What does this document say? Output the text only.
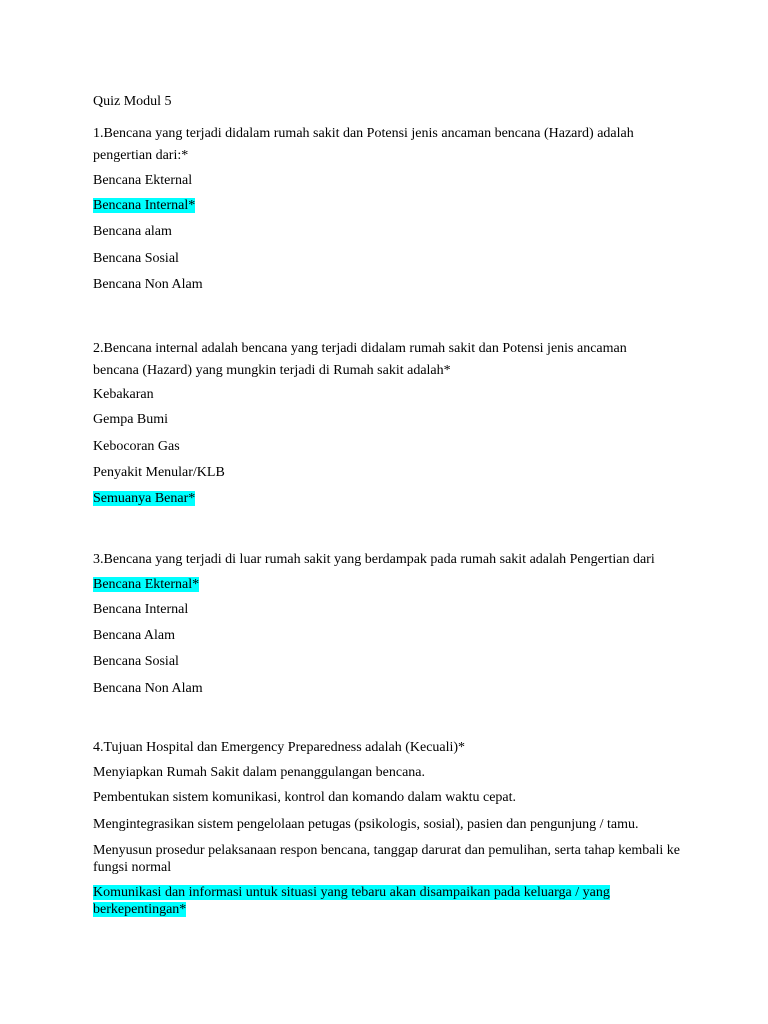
Quiz Modul 5

1.Bencana yang terjadi didalam rumah sakit dan Potensi jenis ancaman bencana (Hazard) adalah

pengertian dari:*

Bencana Ekternal

Bencana Internal*

Bencana alam

Bencana Sosial

Bencana Non Alam

2.Bencana internal adalah bencana yang terjadi didalam rumah sakit dan Potensi jenis ancaman

bencana (Hazard) yang mungkin terjadi di Rumah sakit adalah*

Kebakaran

Gempa Bumi

Kebocoran Gas

Penyakit Menular/KLB

Semuanya Benar*

3.Bencana yang terjadi di luar rumah sakit yang berdampak pada rumah sakit adalah Pengertian dari

Bencana Ekternal*

Bencana Internal

Bencana Alam

Bencana Sosial

Bencana Non Alam

4.Tujuan Hospital dan Emergency Preparedness adalah (Kecuali)*

Menyiapkan Rumah Sakit dalam penanggulangan bencana.

Pembentukan sistem komunikasi, kontrol dan komando dalam waktu cepat.

Mengintegrasikan sistem pengelolaan petugas (psikologis, sosial), pasien dan pengunjung / tamu.

Menyusun prosedur pelaksanaan respon bencana, tanggap darurat dan pemulihan, serta tahap kembali ke fungsi normal

Komunikasi dan informasi untuk situasi yang tebaru akan disampaikan pada keluarga / yang berkepentingan*
